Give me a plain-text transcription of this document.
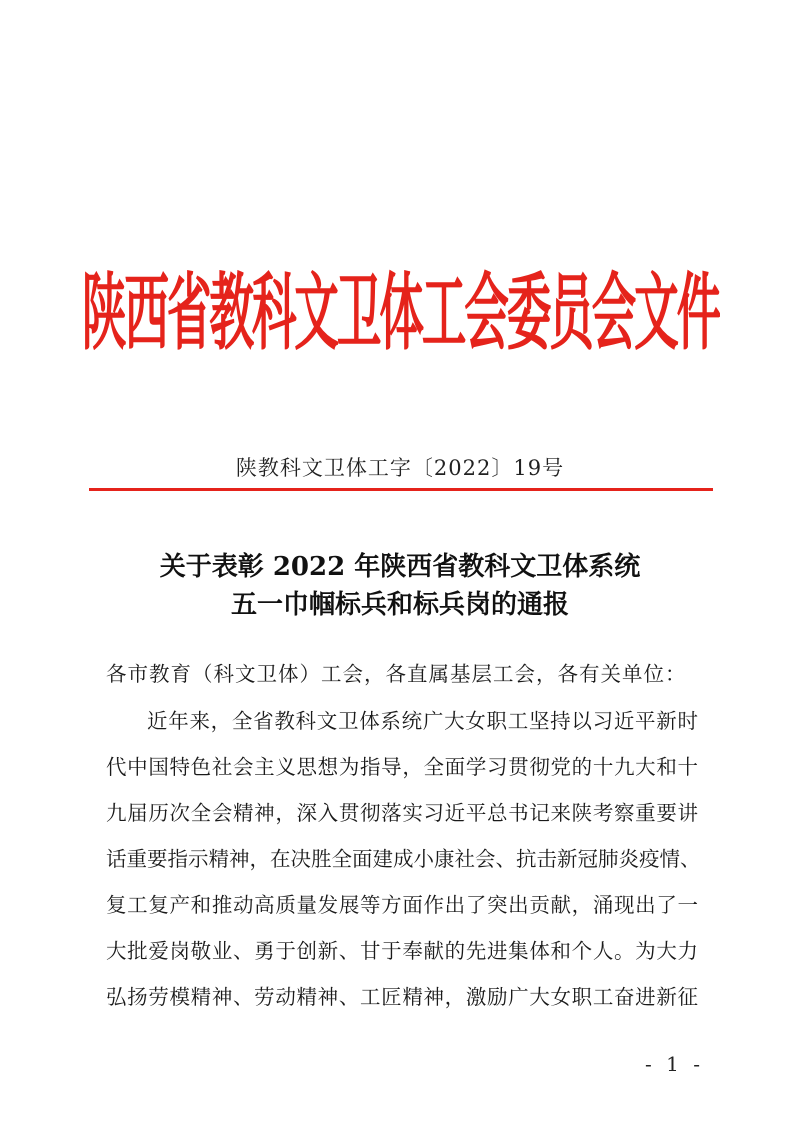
陕西省教科文卫体工会委员会文件
陕教科文卫体工字〔2022〕19号
关于表彰 2022 年陕西省教科文卫体系统
五一巾帼标兵和标兵岗的通报
各市教育（科文卫体）工会，各直属基层工会，各有关单位：
近年来，全省教科文卫体系统广大女职工坚持以习近平新时
代中国特色社会主义思想为指导，全面学习贯彻党的十九大和十
九届历次全会精神，深入贯彻落实习近平总书记来陕考察重要讲
话重要指示精神，在决胜全面建成小康社会、抗击新冠肺炎疫情、
复工复产和推动高质量发展等方面作出了突出贡献，涌现出了一
大批爱岗敬业、勇于创新、甘于奉献的先进集体和个人。为大力
弘扬劳模精神、劳动精神、工匠精神，激励广大女职工奋进新征
- 1 -
